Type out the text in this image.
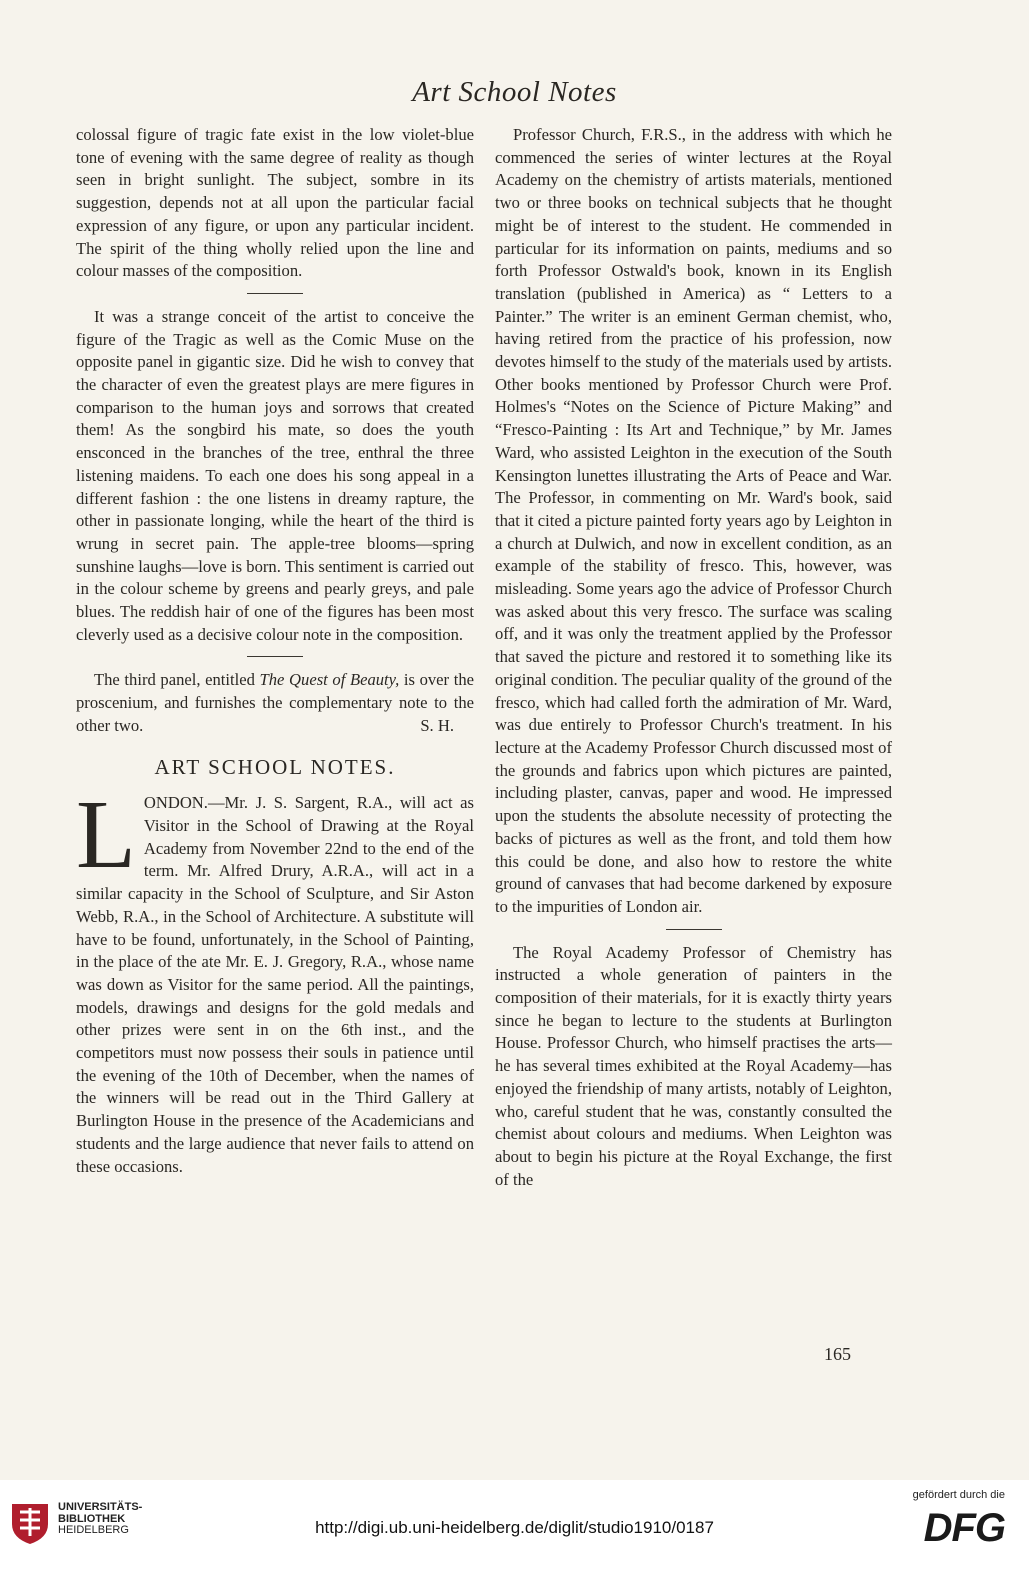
Art School Notes

colossal figure of tragic fate exist in the low violet-blue tone of evening with the same degree of reality as though seen in bright sunlight. The subject, sombre in its suggestion, depends not at all upon the particular facial expression of any figure, or upon any particular incident. The spirit of the thing wholly relied upon the line and colour masses of the composition.

It was a strange conceit of the artist to conceive the figure of the Tragic as well as the Comic Muse on the opposite panel in gigantic size. Did he wish to convey that the character of even the greatest plays are mere figures in comparison to the human joys and sorrows that created them! As the songbird his mate, so does the youth ensconced in the branches of the tree, enthral the three listening maidens. To each one does his song appeal in a different fashion : the one listens in dreamy rapture, the other in passionate longing, while the heart of the third is wrung in secret pain. The apple-tree blooms—spring sunshine laughs—love is born. This sentiment is carried out in the colour scheme by greens and pearly greys, and pale blues. The reddish hair of one of the figures has been most cleverly used as a decisive colour note in the composition.

The third panel, entitled The Quest of Beauty, is over the proscenium, and furnishes the complementary note to the other two.	S. H.

ART SCHOOL NOTES.

LONDON.—Mr. J. S. Sargent, R.A., will act as Visitor in the School of Drawing at the Royal Academy from November 22nd to the end of the term. Mr. Alfred Drury, A.R.A., will act in a similar capacity in the School of Sculpture, and Sir Aston Webb, R.A., in the School of Architecture. A substitute will have to be found, unfortunately, in the School of Painting, in the place of the ate Mr. E. J. Gregory, R.A., whose name was down as Visitor for the same period. All the paintings, models, drawings and designs for the gold medals and other prizes were sent in on the 6th inst., and the competitors must now possess their souls in patience until the evening of the 10th of December, when the names of the winners will be read out in the Third Gallery at Burlington House in the presence of the Academicians and students and the large audience that never fails to attend on these occasions.

Professor Church, F.R.S., in the address with which he commenced the series of winter lectures at the Royal Academy on the chemistry of artists materials, mentioned two or three books on technical subjects that he thought might be of interest to the student. He commended in particular for its information on paints, mediums and so forth Professor Ostwald's book, known in its English translation (published in America) as “ Letters to a Painter.” The writer is an eminent German chemist, who, having retired from the practice of his profession, now devotes himself to the study of the materials used by artists. Other books mentioned by Professor Church were Prof. Holmes's “Notes on the Science of Picture Making” and “Fresco-Painting : Its Art and Technique,” by Mr. James Ward, who assisted Leighton in the execution of the South Kensington lunettes illustrating the Arts of Peace and War. The Professor, in commenting on Mr. Ward's book, said that it cited a picture painted forty years ago by Leighton in a church at Dulwich, and now in excellent condition, as an example of the stability of fresco. This, however, was misleading. Some years ago the advice of Professor Church was asked about this very fresco. The surface was scaling off, and it was only the treatment applied by the Professor that saved the picture and restored it to something like its original condition. The peculiar quality of the ground of the fresco, which had called forth the admiration of Mr. Ward, was due entirely to Professor Church's treatment. In his lecture at the Academy Professor Church discussed most of the grounds and fabrics upon which pictures are painted, including plaster, canvas, paper and wood. He impressed upon the students the absolute necessity of protecting the backs of pictures as well as the front, and told them how this could be done, and also how to restore the white ground of canvases that had become darkened by exposure to the impurities of London air.

The Royal Academy Professor of Chemistry has instructed a whole generation of painters in the composition of their materials, for it is exactly thirty years since he began to lecture to the students at Burlington House. Professor Church, who himself practises the arts—he has several times exhibited at the Royal Academy—has enjoyed the friendship of many artists, notably of Leighton, who, careful student that he was, constantly consulted the chemist about colours and mediums. When Leighton was about to begin his picture at the Royal Exchange, the first of the

165
UNIVERSITÄTS-
BIBLIOTHEK
HEIDELBERG	http://digi.ub.uni-heidelberg.de/diglit/studio1910/0187
gefördert durch die
DFG
